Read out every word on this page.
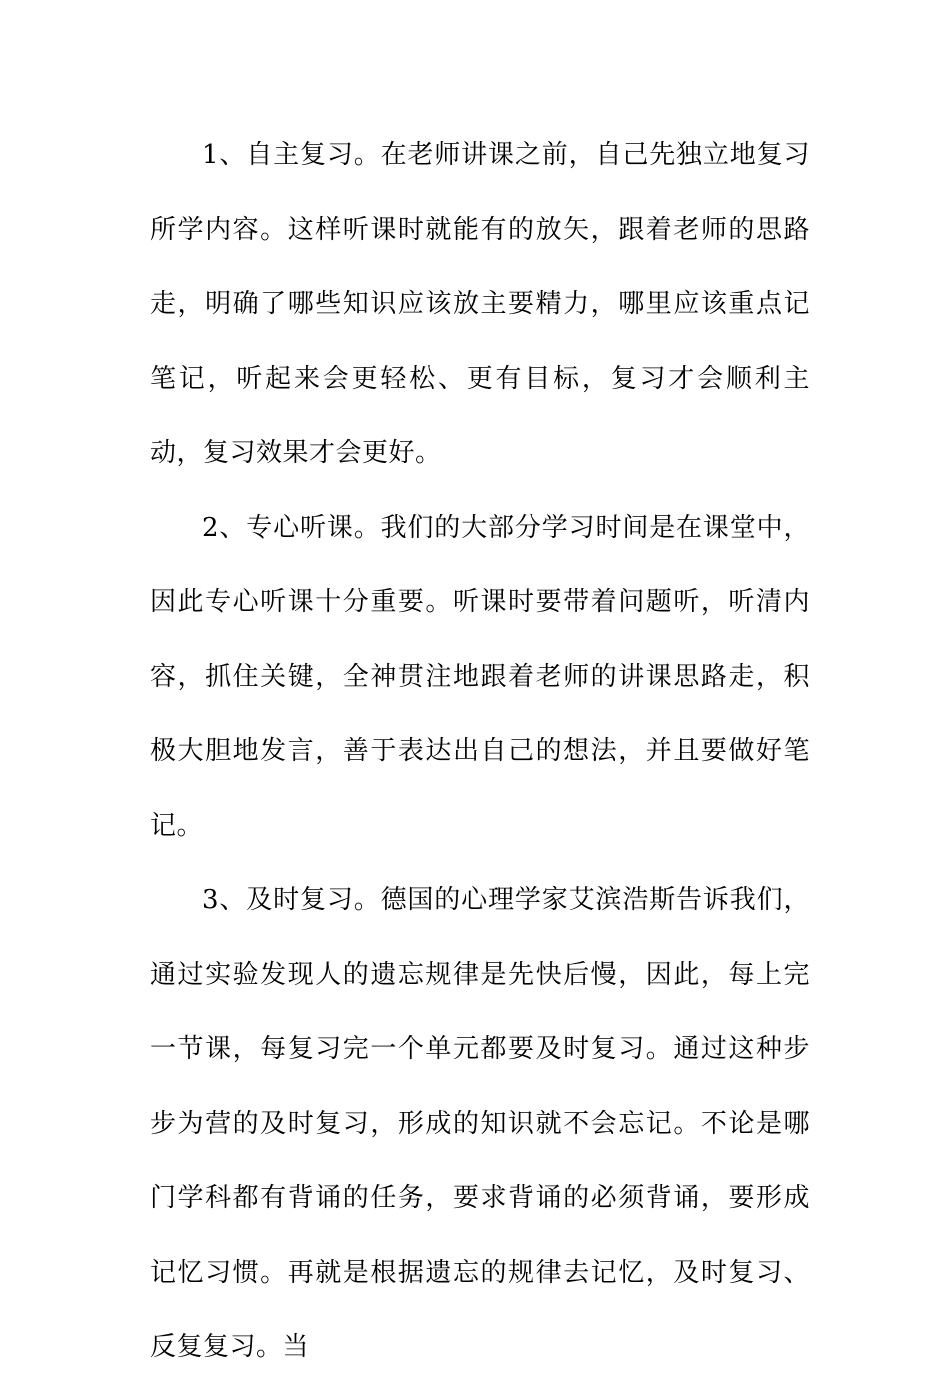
1、自主复习。在老师讲课之前，自己先独立地复习所学内容。这样听课时就能有的放矢，跟着老师的思路走，明确了哪些知识应该放主要精力，哪里应该重点记笔记，听起来会更轻松、更有目标，复习才会顺利主动，复习效果才会更好。

2、专心听课。我们的大部分学习时间是在课堂中，因此专心听课十分重要。听课时要带着问题听，听清内容，抓住关键，全神贯注地跟着老师的讲课思路走，积极大胆地发言，善于表达出自己的想法，并且要做好笔记。

3、及时复习。德国的心理学家艾滨浩斯告诉我们，通过实验发现人的遗忘规律是先快后慢，因此，每上完一节课，每复习完一个单元都要及时复习。通过这种步步为营的及时复习，形成的知识就不会忘记。不论是哪门学科都有背诵的任务，要求背诵的必须背诵，要形成记忆习惯。再就是根据遗忘的规律去记忆，及时复习、反复复习。当
